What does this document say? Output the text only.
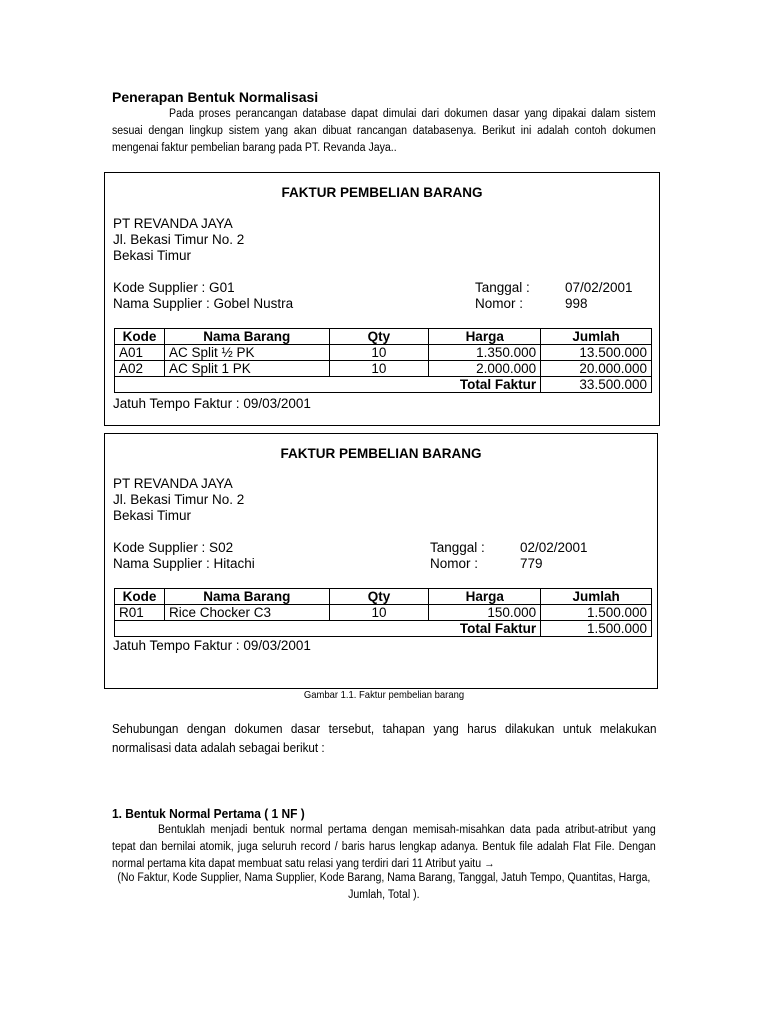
Penerapan Bentuk Normalisasi
Pada proses perancangan database dapat dimulai dari dokumen dasar yang dipakai dalam sistem sesuai dengan lingkup sistem yang akan dibuat rancangan databasenya. Berikut ini adalah contoh dokumen mengenai faktur pembelian barang pada PT. Revanda Jaya..
FAKTUR PEMBELIAN BARANG
PT REVANDA JAYA
Jl. Bekasi Timur No. 2
Bekasi Timur
Kode Supplier : G01
Nama Supplier : Gobel Nustra
Tanggal :	07/02/2001
Nomor :	998
Kode	Nama Barang	Qty	Harga	Jumlah
A01	AC Split ½ PK	10	1.350.000	13.500.000
A02	AC Split 1 PK	10	2.000.000	20.000.000
			Total Faktur	33.500.000
Jatuh Tempo Faktur : 09/03/2001
FAKTUR PEMBELIAN BARANG
PT REVANDA JAYA
Jl. Bekasi Timur No. 2
Bekasi Timur
Kode Supplier : S02
Nama Supplier : Hitachi
Tanggal :	02/02/2001
Nomor :	779
Kode	Nama Barang	Qty	Harga	Jumlah
R01	Rice Chocker C3	10	150.000	1.500.000
			Total Faktur	1.500.000
Jatuh Tempo Faktur : 09/03/2001
Gambar 1.1. Faktur pembelian barang
Sehubungan dengan dokumen dasar tersebut, tahapan yang harus dilakukan untuk melakukan normalisasi data adalah sebagai berikut :
1. Bentuk Normal Pertama ( 1 NF )
Bentuklah menjadi bentuk normal pertama dengan memisah-misahkan data pada atribut-atribut yang tepat dan bernilai atomik, juga seluruh record / baris harus lengkap adanya. Bentuk file adalah Flat File. Dengan normal pertama kita dapat membuat satu relasi yang terdiri dari 11 Atribut yaitu →
(No Faktur, Kode Supplier, Nama Supplier, Kode Barang, Nama Barang, Tanggal, Jatuh Tempo, Quantitas, Harga, Jumlah, Total ).
